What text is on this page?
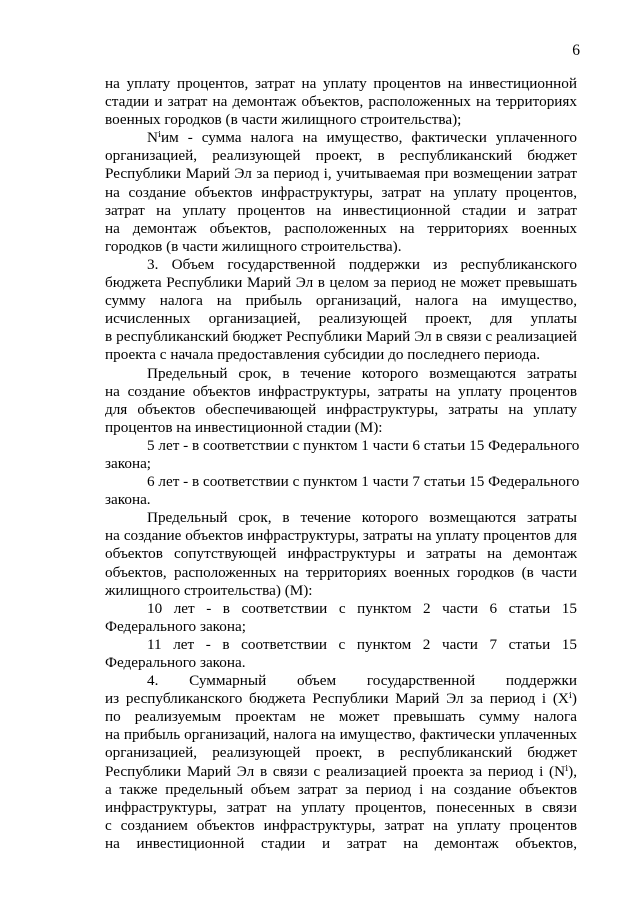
6
на уплату процентов, затрат на уплату процентов на инвестиционной
стадии и затрат на демонтаж объектов, расположенных на территориях
военных городков (в части жилищного строительства);
Nⁱим - сумма налога на имущество, фактически уплаченного
организацией, реализующей проект, в республиканский бюджет
Республики Марий Эл за период i, учитываемая при возмещении затрат
на создание объектов инфраструктуры, затрат на уплату процентов,
затрат на уплату процентов на инвестиционной стадии и затрат
на демонтаж объектов, расположенных на территориях военных
городков (в части жилищного строительства).
3. Объем государственной поддержки из республиканского
бюджета Республики Марий Эл в целом за период не может превышать
сумму налога на прибыль организаций, налога на имущество,
исчисленных организацией, реализующей проект, для уплаты
в республиканский бюджет Республики Марий Эл в связи с реализацией
проекта с начала предоставления субсидии до последнего периода.
Предельный срок, в течение которого возмещаются затраты
на создание объектов инфраструктуры, затраты на уплату процентов
для объектов обеспечивающей инфраструктуры, затраты на уплату
процентов на инвестиционной стадии (M):
5 лет - в соответствии с пунктом 1 части 6 статьи 15 Федерального
закона;
6 лет - в соответствии с пунктом 1 части 7 статьи 15 Федерального
закона.
Предельный срок, в течение которого возмещаются затраты
на создание объектов инфраструктуры, затраты на уплату процентов для
объектов сопутствующей инфраструктуры и затраты на демонтаж
объектов, расположенных на территориях военных городков (в части
жилищного строительства) (M):
10 лет - в соответствии с пунктом 2 части 6 статьи 15
Федерального закона;
11 лет - в соответствии с пунктом 2 части 7 статьи 15
Федерального закона.
4. Суммарный объем государственной поддержки
из республиканского бюджета Республики Марий Эл за период i (Xⁱ)
по реализуемым проектам не может превышать сумму налога
на прибыль организаций, налога на имущество, фактически уплаченных
организацией, реализующей проект, в республиканский бюджет
Республики Марий Эл в связи с реализацией проекта за период i (Nⁱ),
а также предельный объем затрат за период i на создание объектов
инфраструктуры, затрат на уплату процентов, понесенных в связи
с созданием объектов инфраструктуры, затрат на уплату процентов
на инвестиционной стадии и затрат на демонтаж объектов,
